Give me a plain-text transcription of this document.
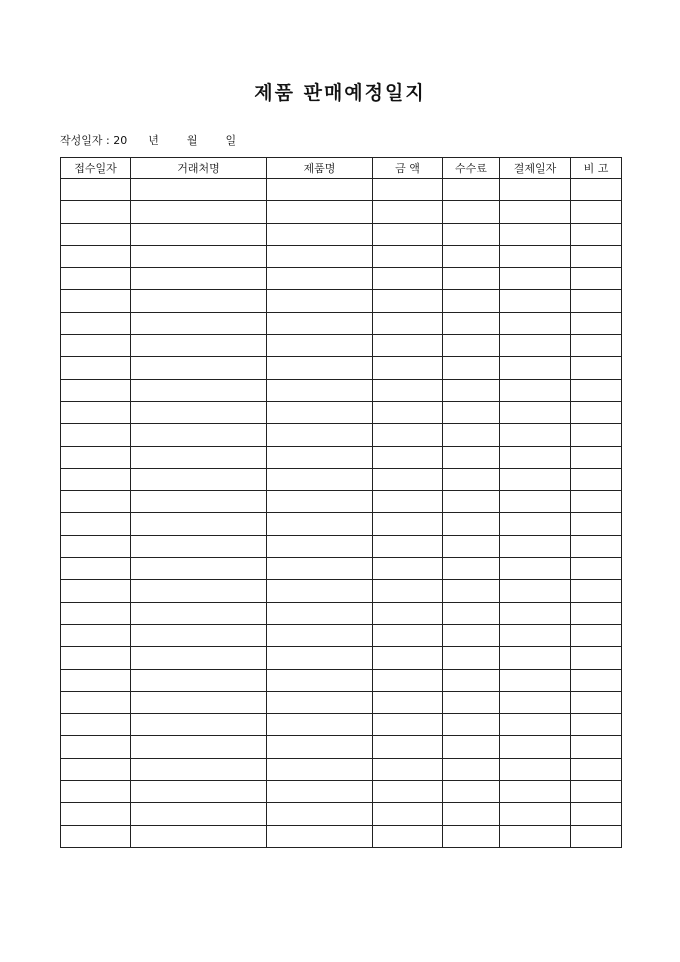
제품 판매예정일지
작성일자 : 20 년	월	일
접수일자	거래처명	제품명	금 액	수수료	결제일자	비 고
